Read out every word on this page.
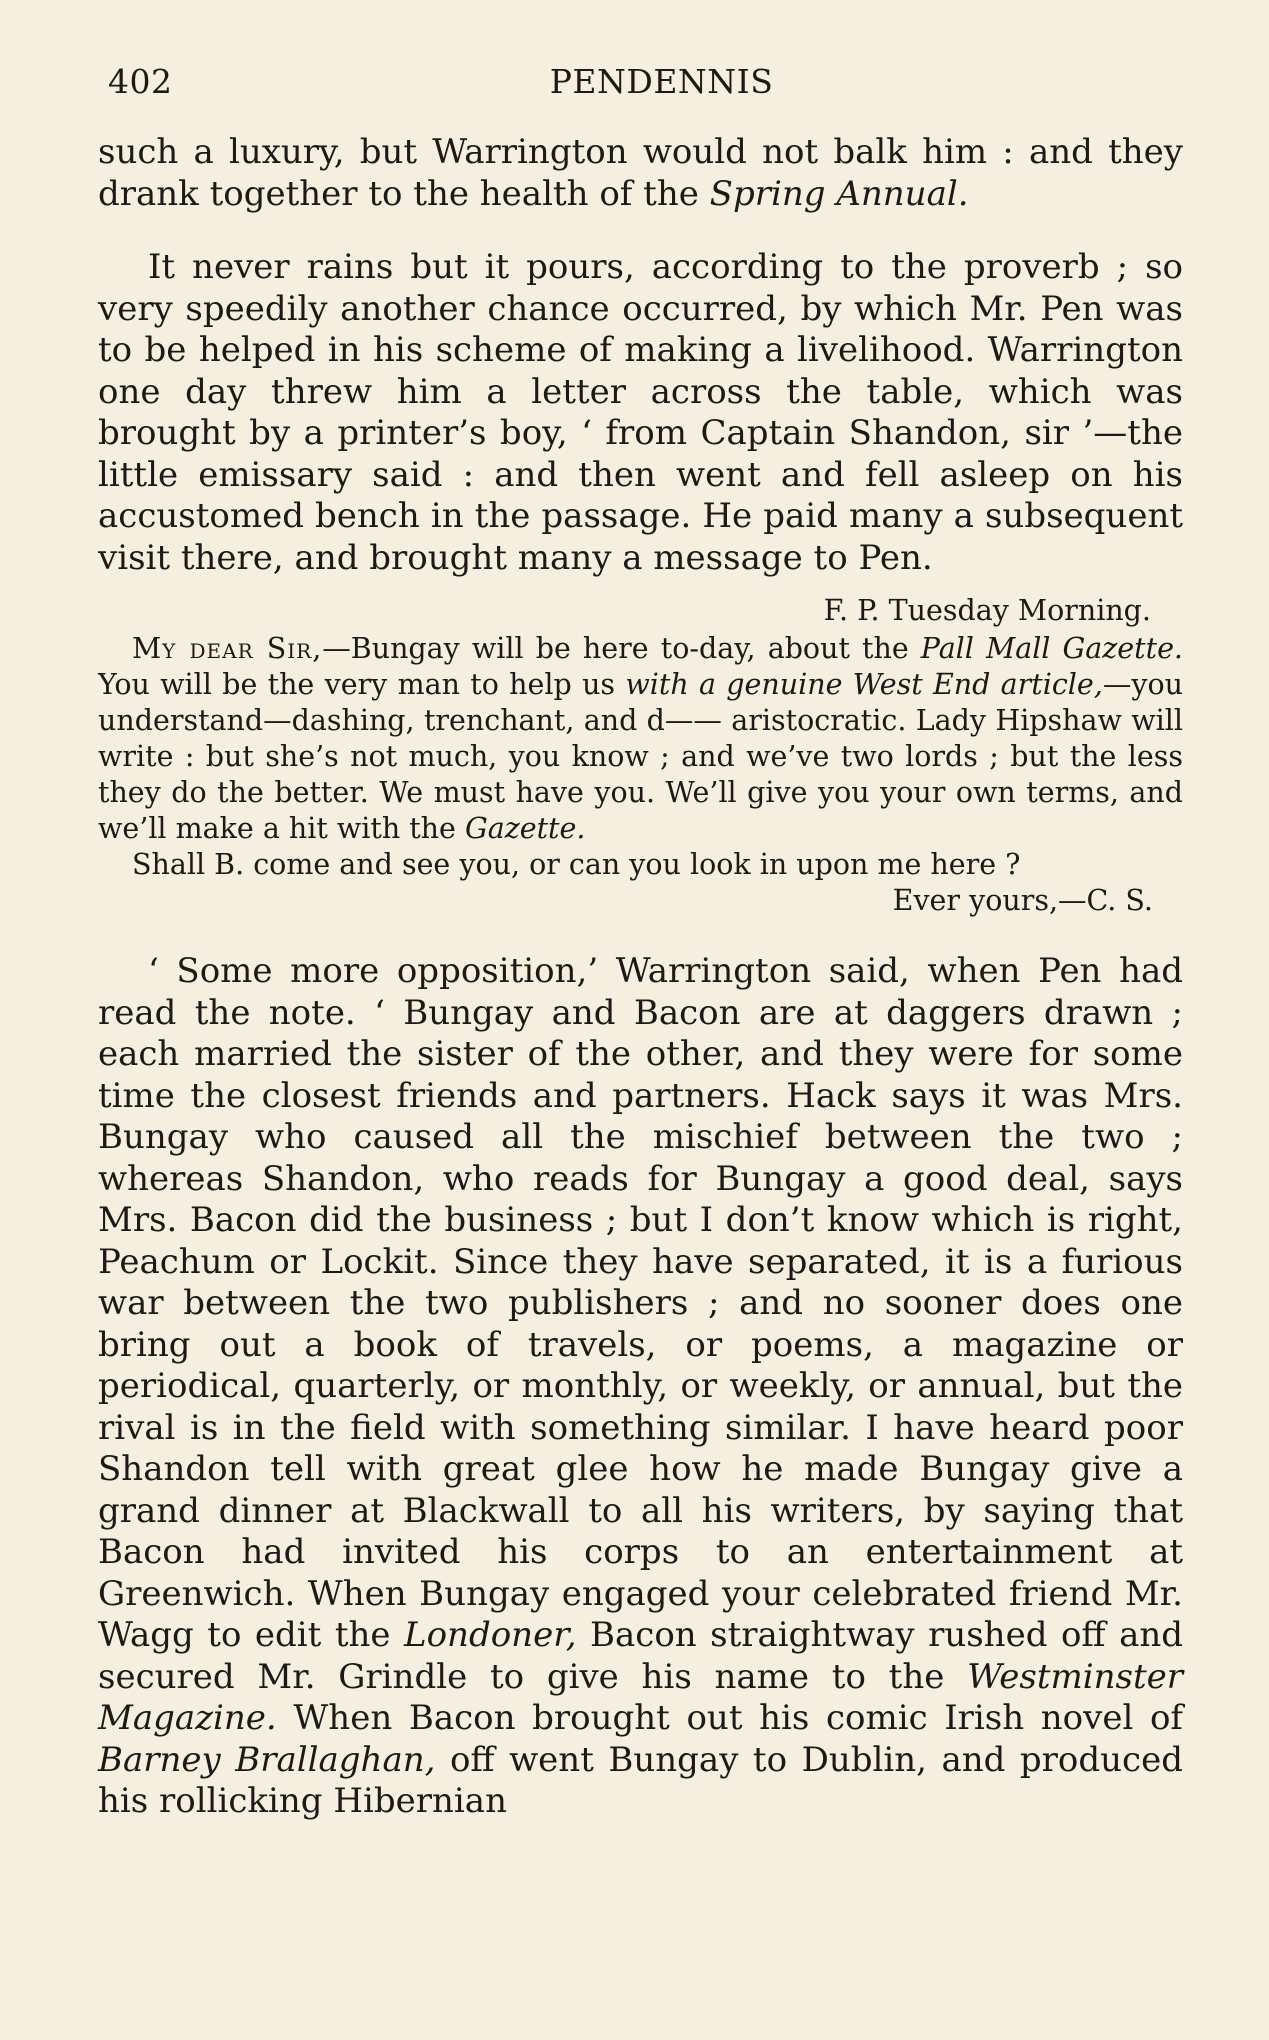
402	PENDENNIS

such a luxury, but Warrington would not balk him : and they drank together to the health of the Spring Annual.

It never rains but it pours, according to the proverb ; so very speedily another chance occurred, by which Mr. Pen was to be helped in his scheme of making a livelihood. Warrington one day threw him a letter across the table, which was brought by a printer’s boy, ‘ from Captain Shandon, sir ’—the little emissary said : and then went and fell asleep on his accustomed bench in the passage. He paid many a subsequent visit there, and brought many a message to Pen.

F. P. Tuesday Morning.

My dear Sir,—Bungay will be here to-day, about the Pall Mall Gazette. You will be the very man to help us with a genuine West End article,—you understand—dashing, trenchant, and d—— aristocratic. Lady Hipshaw will write : but she’s not much, you know ; and we’ve two lords ; but the less they do the better. We must have you. We’ll give you your own terms, and we’ll make a hit with the Gazette.

Shall B. come and see you, or can you look in upon me here ?

Ever yours,—C. S.

‘ Some more opposition,’ Warrington said, when Pen had read the note. ‘ Bungay and Bacon are at daggers drawn ; each married the sister of the other, and they were for some time the closest friends and partners. Hack says it was Mrs. Bungay who caused all the mischief between the two ; whereas Shandon, who reads for Bungay a good deal, says Mrs. Bacon did the business ; but I don’t know which is right, Peachum or Lockit. Since they have separated, it is a furious war between the two publishers ; and no sooner does one bring out a book of travels, or poems, a magazine or periodical, quarterly, or monthly, or weekly, or annual, but the rival is in the field with something similar. I have heard poor Shandon tell with great glee how he made Bungay give a grand dinner at Blackwall to all his writers, by saying that Bacon had invited his corps to an entertainment at Greenwich. When Bungay engaged your celebrated friend Mr. Wagg to edit the Londoner, Bacon straightway rushed off and secured Mr. Grindle to give his name to the Westminster Magazine. When Bacon brought out his comic Irish novel of Barney Brallaghan, off went Bungay to Dublin, and produced his rollicking Hibernian
